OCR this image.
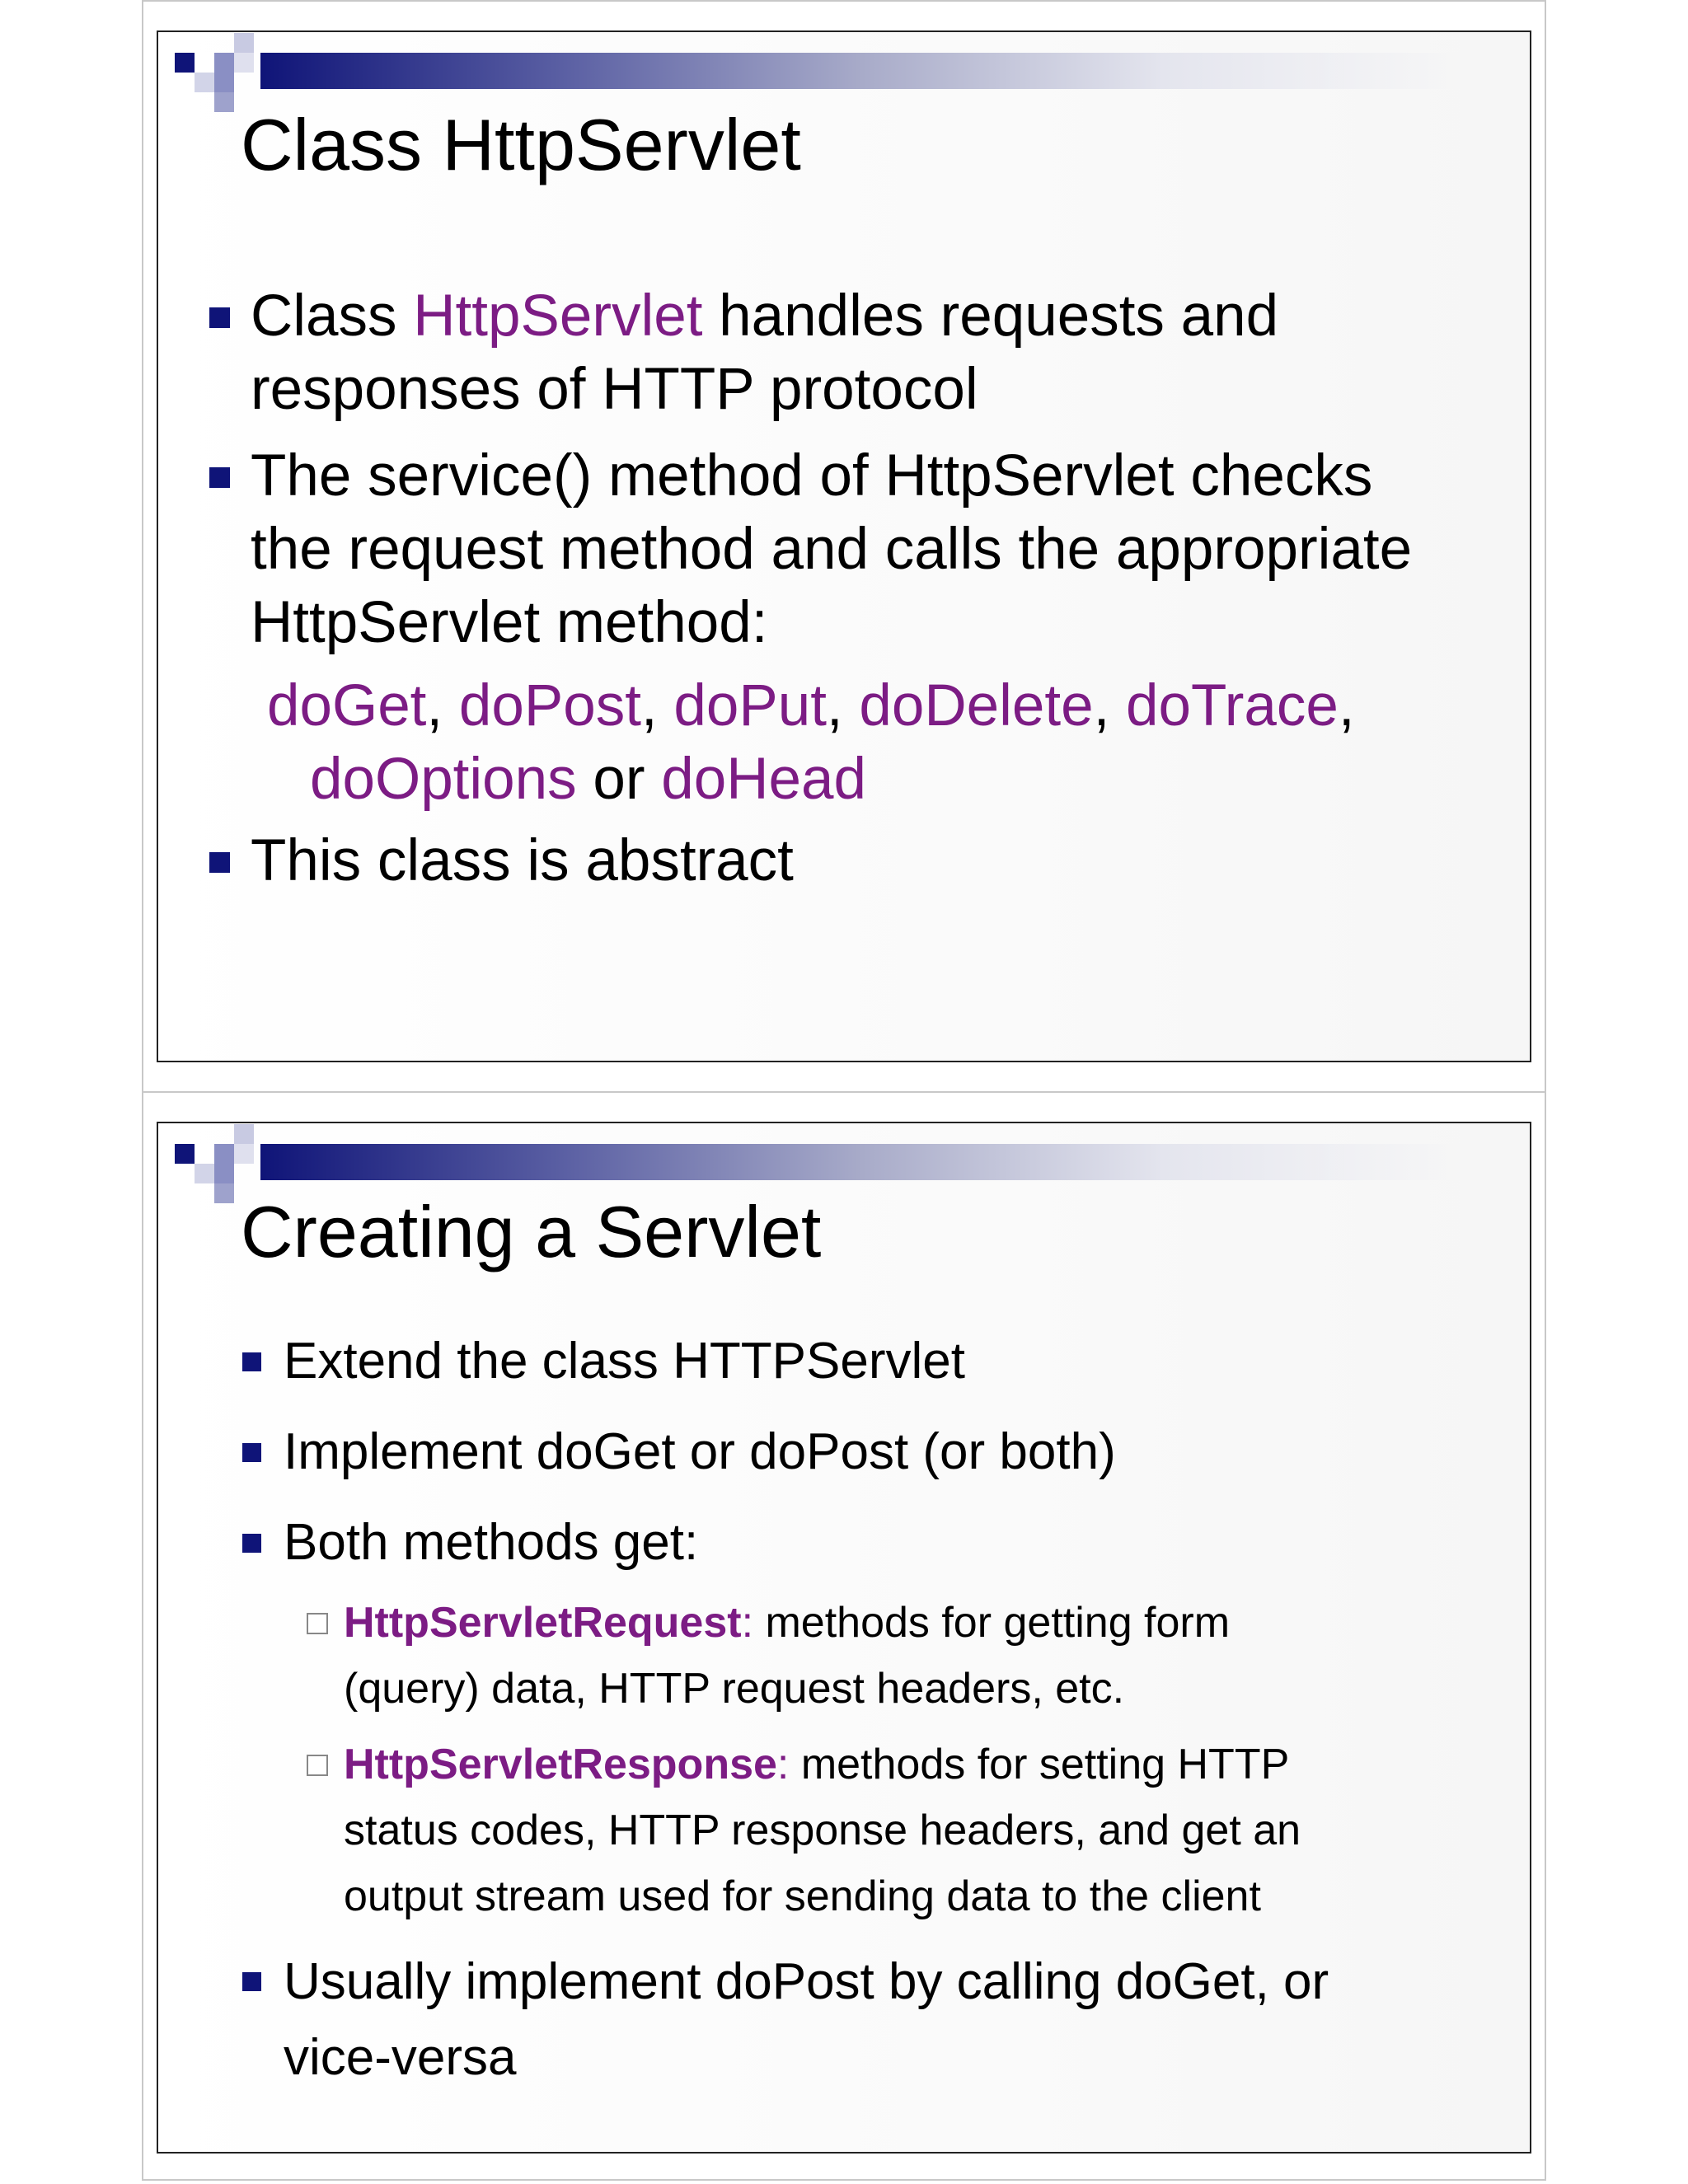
Class HttpServlet
Class HttpServlet handles requests and
responses of HTTP protocol
The service() method of HttpServlet checks
the request method and calls the appropriate
HttpServlet method:
doGet, doPost, doPut, doDelete, doTrace,
doOptions or doHead
This class is abstract
Creating a Servlet
Extend the class HTTPServlet
Implement doGet or doPost (or both)
Both methods get:
HttpServletRequest: methods for getting form
(query) data, HTTP request headers, etc.
HttpServletResponse: methods for setting HTTP
status codes, HTTP response headers, and get an
output stream used for sending data to the client
Usually implement doPost by calling doGet, or
vice-versa
